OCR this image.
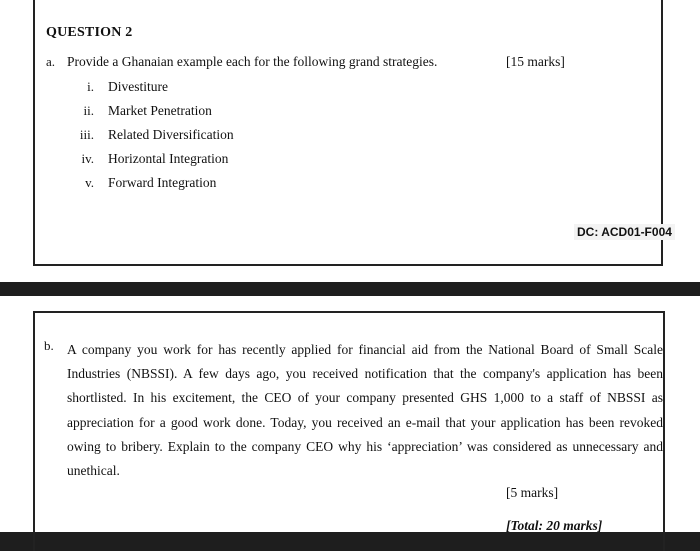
QUESTION 2
a. Provide a Ghanaian example each for the following grand strategies.	[15 marks]
i. Divestiture
ii. Market Penetration
iii. Related Diversification
iv. Horizontal Integration
v. Forward Integration
DC: ACD01-F004
b. A company you work for has recently applied for financial aid from the National Board of Small Scale Industries (NBSSI). A few days ago, you received notification that the company's application has been shortlisted. In his excitement, the CEO of your company presented GHS 1,000 to a staff of NBSSI as appreciation for a good work done. Today, you received an e-mail that your application has been revoked owing to bribery. Explain to the company CEO why his ‘appreciation’ was considered as unnecessary and unethical.
[5 marks]
[Total: 20 marks]
